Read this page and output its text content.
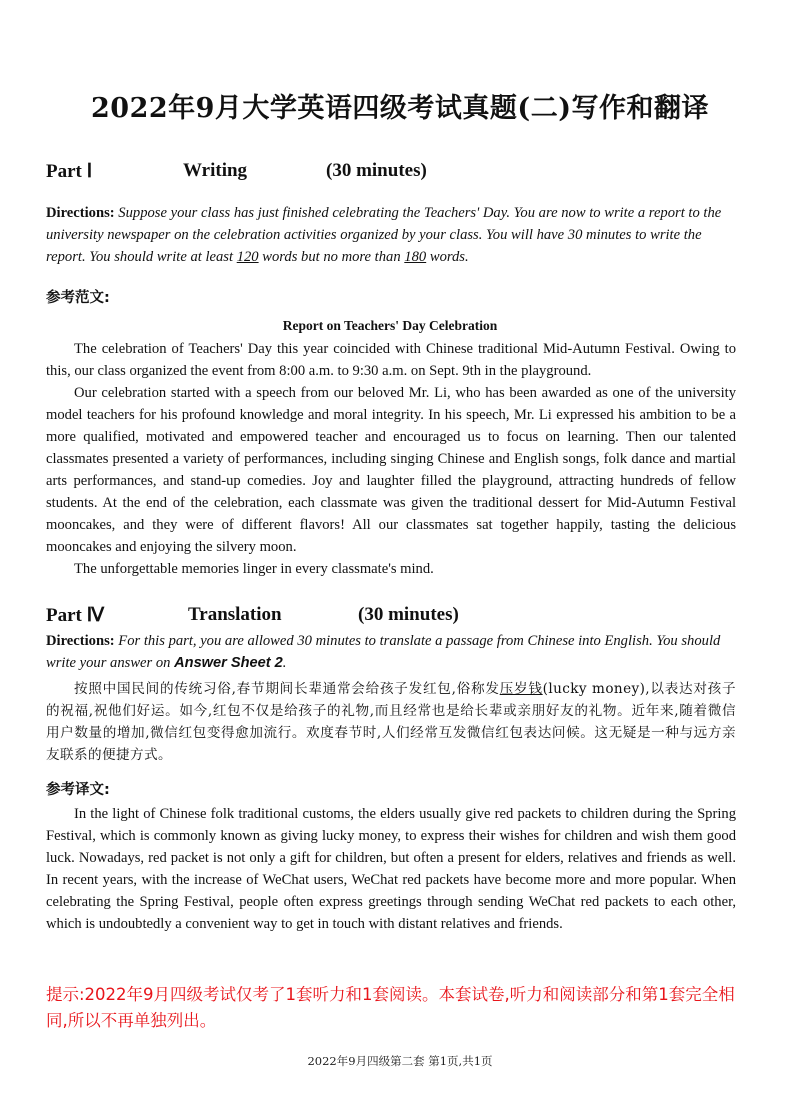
2022年9月大学英语四级考试真题(二)写作和翻译
Part Ⅰ	Writing	(30 minutes)
Directions: Suppose your class has just finished celebrating the Teachers' Day. You are now to write a report to the university newspaper on the celebration activities organized by your class. You will have 30 minutes to write the report. You should write at least 120 words but no more than 180 words.
参考范文:
Report on Teachers' Day Celebration

The celebration of Teachers' Day this year coincided with Chinese traditional Mid-Autumn Festival. Owing to this, our class organized the event from 8:00 a.m. to 9:30 a.m. on Sept. 9th in the playground.

Our celebration started with a speech from our beloved Mr. Li, who has been awarded as one of the university model teachers for his profound knowledge and moral integrity. In his speech, Mr. Li expressed his ambition to be a more qualified, motivated and empowered teacher and encouraged us to focus on learning. Then our talented classmates presented a variety of performances, including singing Chinese and English songs, folk dance and martial arts performances, and stand-up comedies. Joy and laughter filled the playground, attracting hundreds of fellow students. At the end of the celebration, each classmate was given the traditional dessert for Mid-Autumn Festival mooncakes, and they were of different flavors! All our classmates sat together happily, tasting the delicious mooncakes and enjoying the silvery moon.

The unforgettable memories linger in every classmate's mind.

Part Ⅳ	Translation	(30 minutes)
Directions: For this part, you are allowed 30 minutes to translate a passage from Chinese into English. You should write your answer on Answer Sheet 2.
按照中国民间的传统习俗,春节期间长辈通常会给孩子发红包,俗称发压岁钱(lucky money),以表达对孩子的祝福,祝他们好运。如今,红包不仅是给孩子的礼物,而且经常也是给长辈或亲朋好友的礼物。近年来,随着微信用户数量的增加,微信红包变得愈加流行。欢度春节时,人们经常互发微信红包表达问候。这无疑是一种与远方亲友联系的便捷方式。
参考译文:

In the light of Chinese folk traditional customs, the elders usually give red packets to children during the Spring Festival, which is commonly known as giving lucky money, to express their wishes for children and wish them good luck. Nowadays, red packet is not only a gift for children, but often a present for elders, relatives and friends as well. In recent years, with the increase of WeChat users, WeChat red packets have become more and more popular. When celebrating the Spring Festival, people often express greetings through sending WeChat red packets to each other, which is undoubtedly a convenient way to get in touch with distant relatives and friends.

提示:2022年9月四级考试仅考了1套听力和1套阅读。本套试卷,听力和阅读部分和第1套完全相同,所以不再单独列出。
2022年9月四级第二套 第1页,共1页
